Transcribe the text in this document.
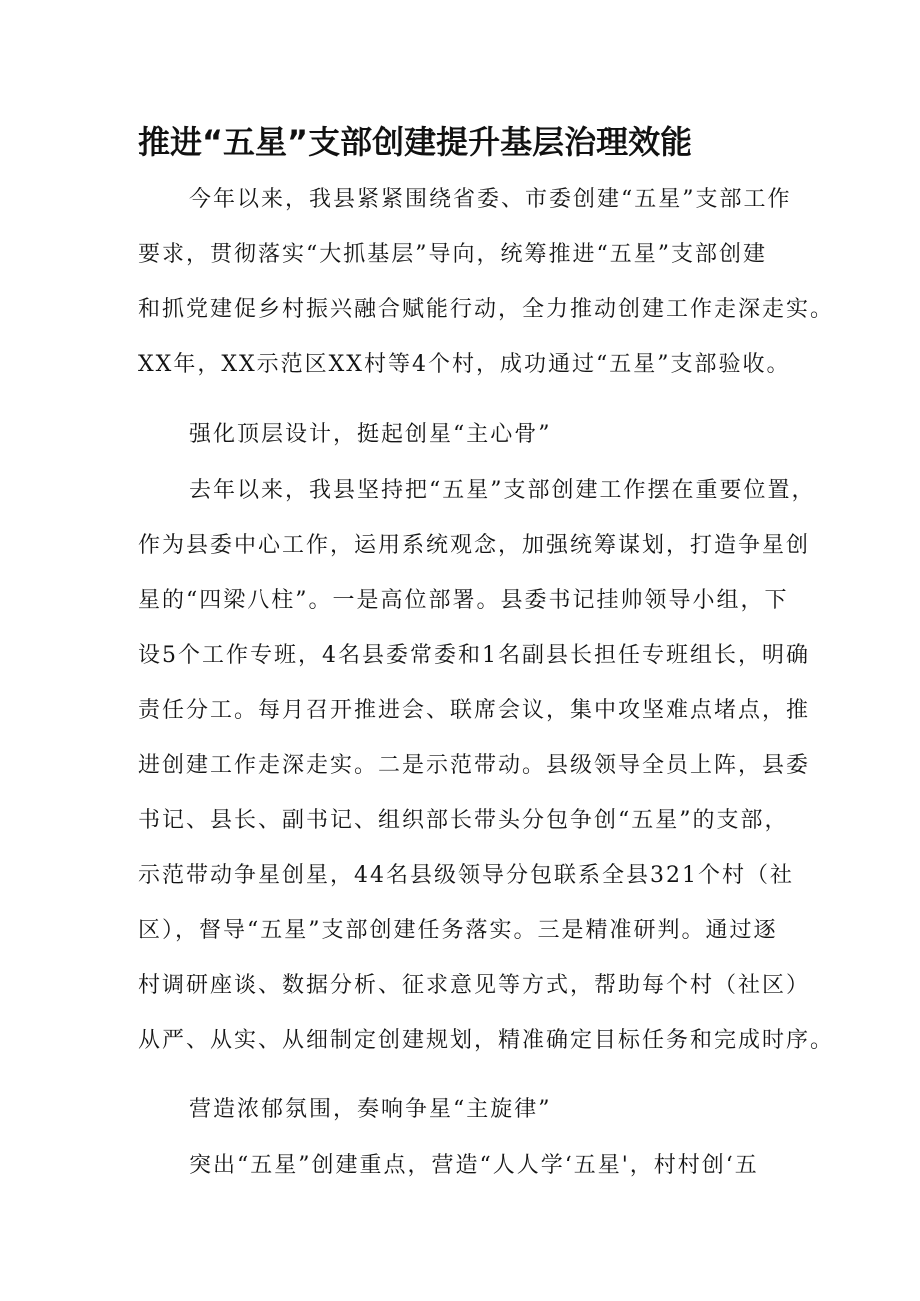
推进“五星”支部创建提升基层治理效能
今年以来，我县紧紧围绕省委、市委创建“五星”支部工作
要求，贯彻落实“大抓基层”导向，统筹推进“五星”支部创建
和抓党建促乡村振兴融合赋能行动，全力推动创建工作走深走实。
XX年，XX示范区XX村等4个村，成功通过“五星”支部验收。
强化顶层设计，挺起创星“主心骨”
去年以来，我县坚持把“五星”支部创建工作摆在重要位置，
作为县委中心工作，运用系统观念，加强统筹谋划，打造争星创
星的“四梁八柱”。一是高位部署。县委书记挂帅领导小组，下
设5个工作专班，4名县委常委和1名副县长担任专班组长，明确
责任分工。每月召开推进会、联席会议，集中攻坚难点堵点，推
进创建工作走深走实。二是示范带动。县级领导全员上阵，县委
书记、县长、副书记、组织部长带头分包争创“五星”的支部，
示范带动争星创星，44名县级领导分包联系全县321个村（社
区），督导“五星”支部创建任务落实。三是精准研判。通过逐
村调研座谈、数据分析、征求意见等方式，帮助每个村（社区）
从严、从实、从细制定创建规划，精准确定目标任务和完成时序。
营造浓郁氛围，奏响争星“主旋律”
突出“五星”创建重点，营造“人人学‘五星'，村村创‘五
